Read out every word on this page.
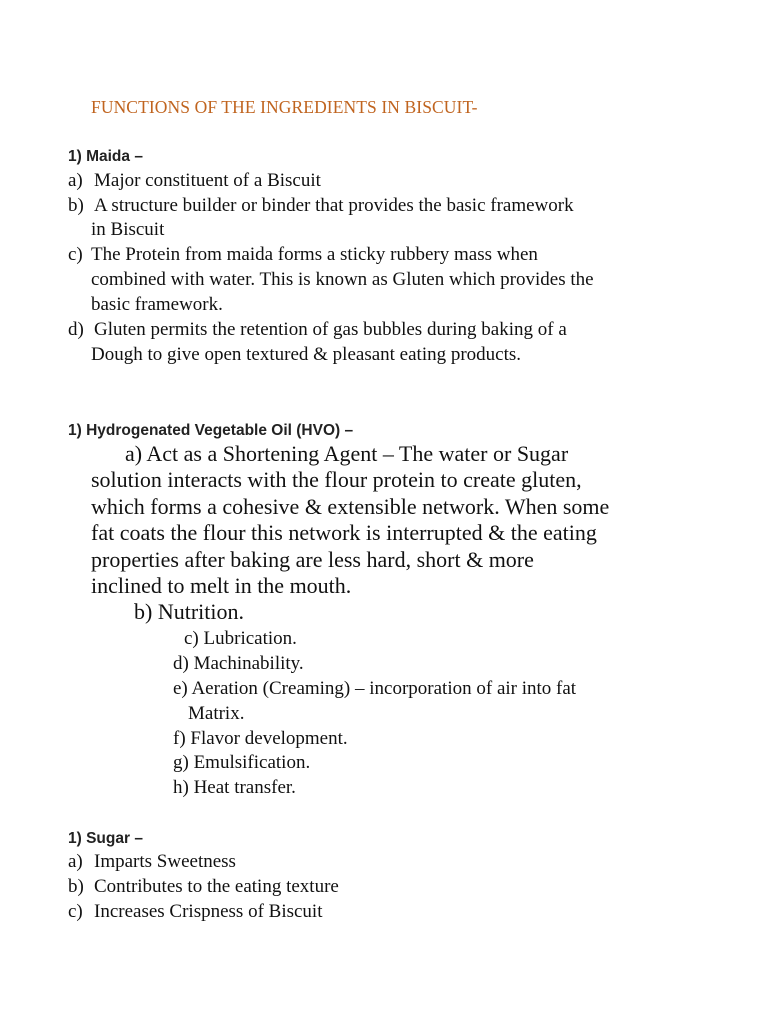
FUNCTIONS OF THE INGREDIENTS IN BISCUIT-

1) Maida –

a) Major constituent of a Biscuit
b) A structure builder or binder that provides the basic framework

in Biscuit

c) The Protein from maida forms a sticky rubbery mass when

combined with water. This is known as Gluten which provides the

basic framework.

d) Gluten permits the retention of gas bubbles during baking of a

Dough to give open textured & pleasant eating products.

1) Hydrogenated Vegetable Oil (HVO) –

a) Act as a Shortening Agent – The water or Sugar

solution interacts with the flour protein to create gluten,

which forms a cohesive & extensible network. When some

fat coats the flour this network is interrupted & the eating

properties after baking are less hard, short & more

inclined to melt in the mouth.

b) Nutrition.

c) Lubrication.

d) Machinability.

e) Aeration (Creaming) – incorporation of air into fat

Matrix.

f) Flavor development.

g) Emulsification.

h) Heat transfer.

1) Sugar –

a) Imparts Sweetness
b) Contributes to the eating texture
c) Increases Crispness of Biscuit
